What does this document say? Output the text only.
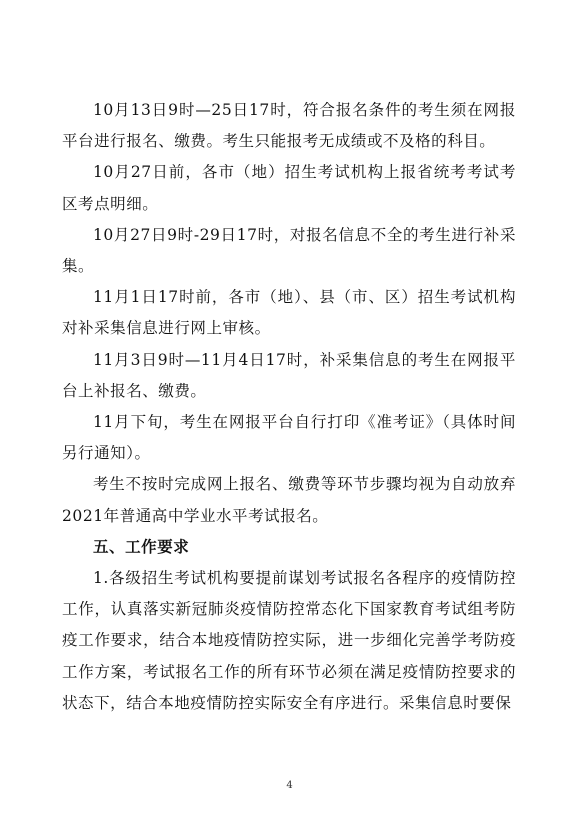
10月13日9时—25日17时，符合报名条件的考生须在网报平台进行报名、缴费。考生只能报考无成绩或不及格的科目。

10月27日前，各市（地）招生考试机构上报省统考考试考区考点明细。

10月27日9时-29日17时，对报名信息不全的考生进行补采集。

11月1日17时前，各市（地）、县（市、区）招生考试机构对补采集信息进行网上审核。

11月3日9时—11月4日17时，补采集信息的考生在网报平台上补报名、缴费。

11月下旬，考生在网报平台自行打印《准考证》（具体时间另行通知）。

考生不按时完成网上报名、缴费等环节步骤均视为自动放弃2021年普通高中学业水平考试报名。

五、工作要求

1.各级招生考试机构要提前谋划考试报名各程序的疫情防控工作，认真落实新冠肺炎疫情防控常态化下国家教育考试组考防疫工作要求，结合本地疫情防控实际，进一步细化完善学考防疫工作方案，考试报名工作的所有环节必须在满足疫情防控要求的状态下，结合本地疫情防控实际安全有序进行。采集信息时要保

4
